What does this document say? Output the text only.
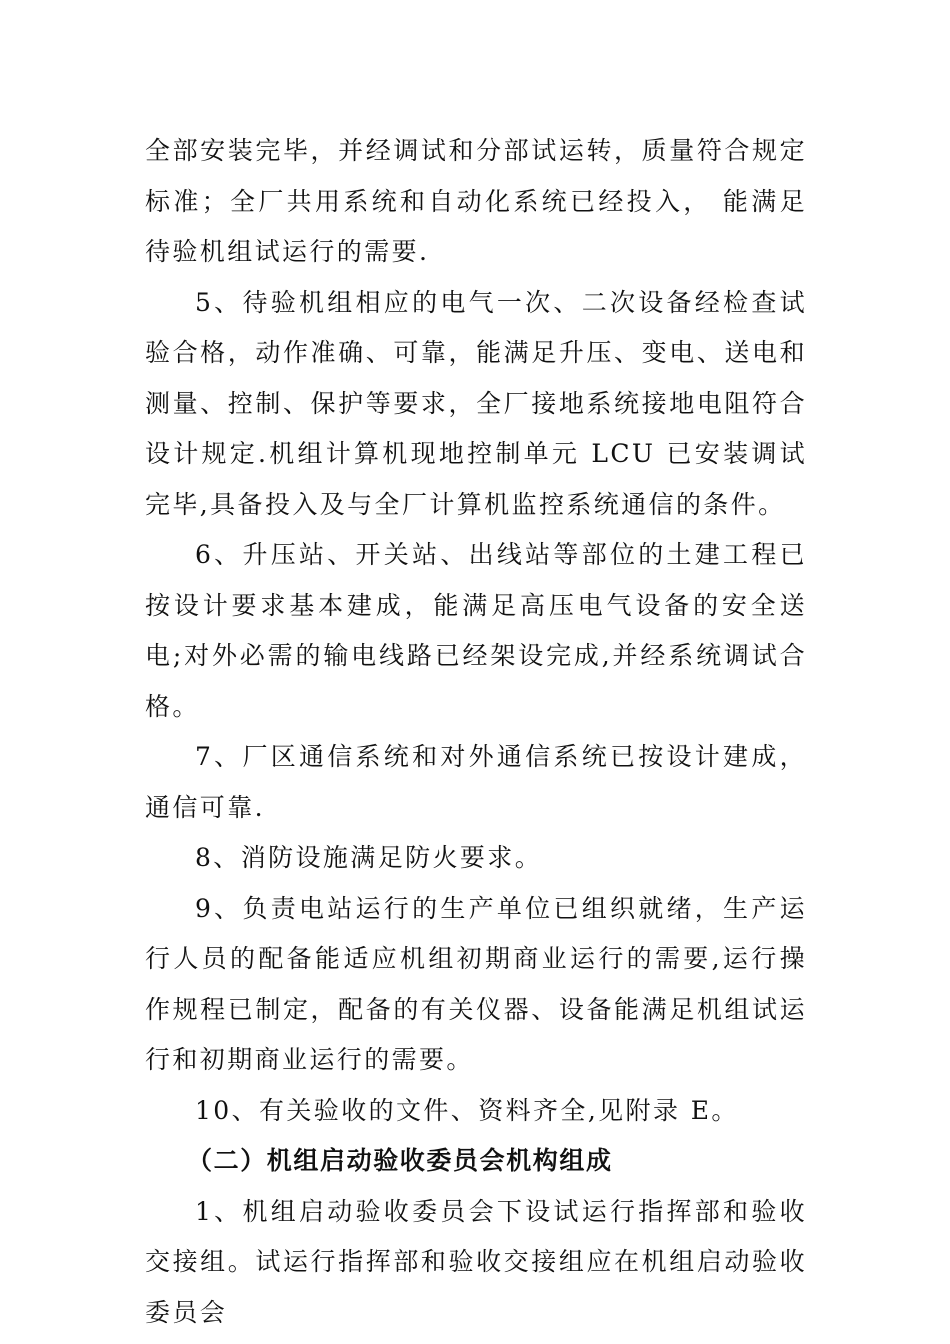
全部安装完毕，并经调试和分部试运转，质量符合规定标准；全厂共用系统和自动化系统已经投入， 能满足待验机组试运行的需要.

5、待验机组相应的电气一次、二次设备经检查试验合格，动作准确、可靠，能满足升压、变电、送电和测量、控制、保护等要求，全厂接地系统接地电阻符合设计规定.机组计算机现地控制单元 LCU 已安装调试完毕,具备投入及与全厂计算机监控系统通信的条件。

6、升压站、开关站、出线站等部位的土建工程已按设计要求基本建成，能满足高压电气设备的安全送电;对外必需的输电线路已经架设完成,并经系统调试合格。

7、厂区通信系统和对外通信系统已按设计建成，通信可靠.

8、消防设施满足防火要求。

9、负责电站运行的生产单位已组织就绪，生产运行人员的配备能适应机组初期商业运行的需要,运行操作规程已制定，配备的有关仪器、设备能满足机组试运行和初期商业运行的需要。

10、有关验收的文件、资料齐全,见附录 E。

（二）机组启动验收委员会机构组成

1、机组启动验收委员会下设试运行指挥部和验收交接组。试运行指挥部和验收交接组应在机组启动验收委员会
